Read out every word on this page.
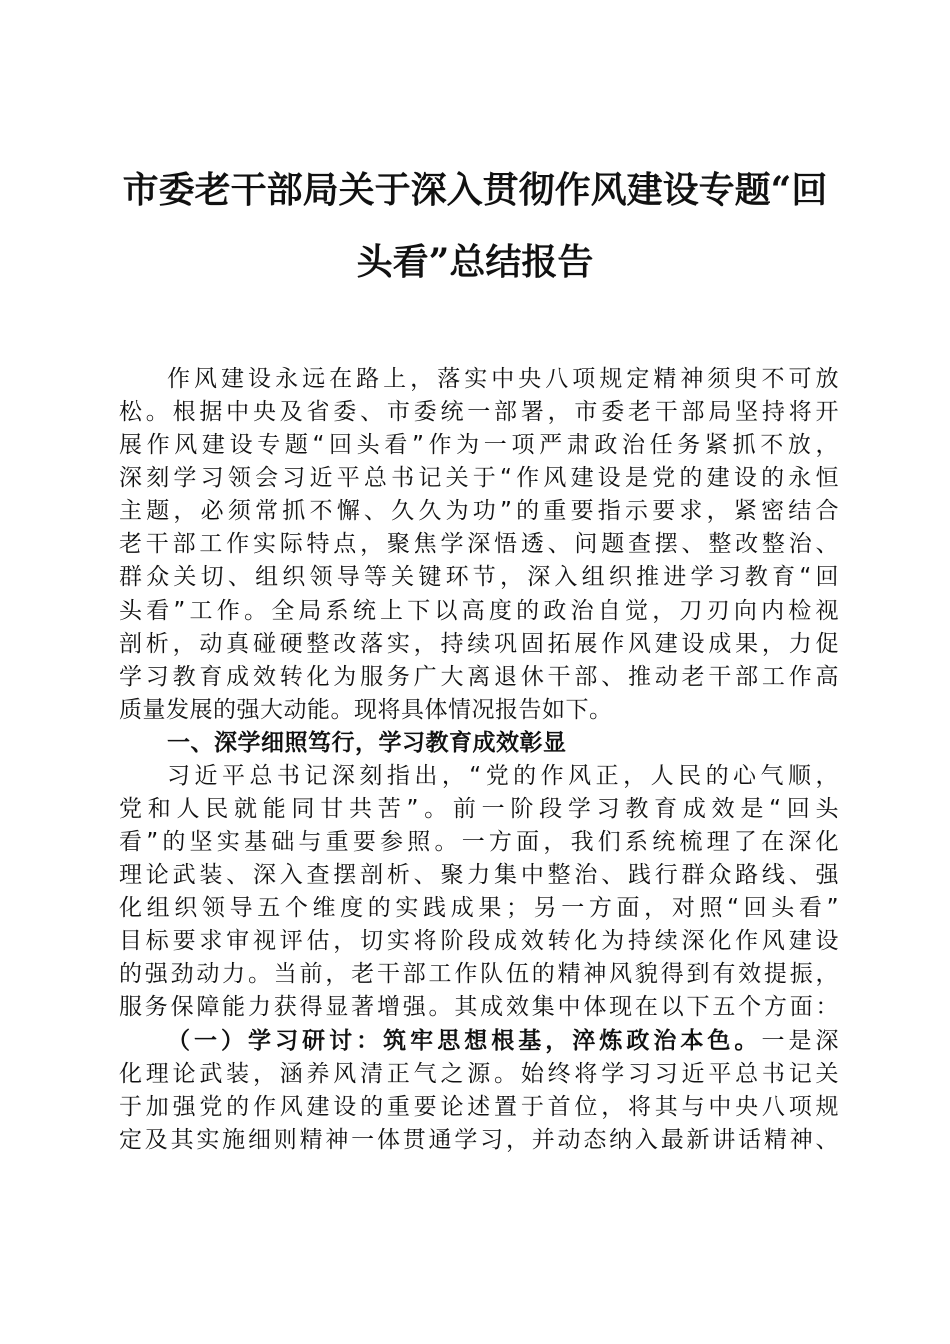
市委老干部局关于深入贯彻作风建设专题“回
头看”总结报告
作风建设永远在路上，落实中央八项规定精神须臾不可放
松。根据中央及省委、市委统一部署，市委老干部局坚持将开
展作风建设专题“回头看”作为一项严肃政治任务紧抓不放，
深刻学习领会习近平总书记关于“作风建设是党的建设的永恒
主题，必须常抓不懈、久久为功”的重要指示要求，紧密结合
老干部工作实际特点，聚焦学深悟透、问题查摆、整改整治、
群众关切、组织领导等关键环节，深入组织推进学习教育“回
头看”工作。全局系统上下以高度的政治自觉，刀刃向内检视
剖析，动真碰硬整改落实，持续巩固拓展作风建设成果，力促
学习教育成效转化为服务广大离退休干部、推动老干部工作高
质量发展的强大动能。现将具体情况报告如下。
一、深学细照笃行，学习教育成效彰显
习近平总书记深刻指出，“党的作风正，人民的心气顺，
党和人民就能同甘共苦”。前一阶段学习教育成效是“回头
看”的坚实基础与重要参照。一方面，我们系统梳理了在深化
理论武装、深入查摆剖析、聚力集中整治、践行群众路线、强
化组织领导五个维度的实践成果；另一方面，对照“回头看”
目标要求审视评估，切实将阶段成效转化为持续深化作风建设
的强劲动力。当前，老干部工作队伍的精神风貌得到有效提振，
服务保障能力获得显著增强。其成效集中体现在以下五个方面：
（一）学习研讨：筑牢思想根基，淬炼政治本色。一是深
化理论武装，涵养风清正气之源。始终将学习习近平总书记关
于加强党的作风建设的重要论述置于首位，将其与中央八项规
定及其实施细则精神一体贯通学习，并动态纳入最新讲话精神、
